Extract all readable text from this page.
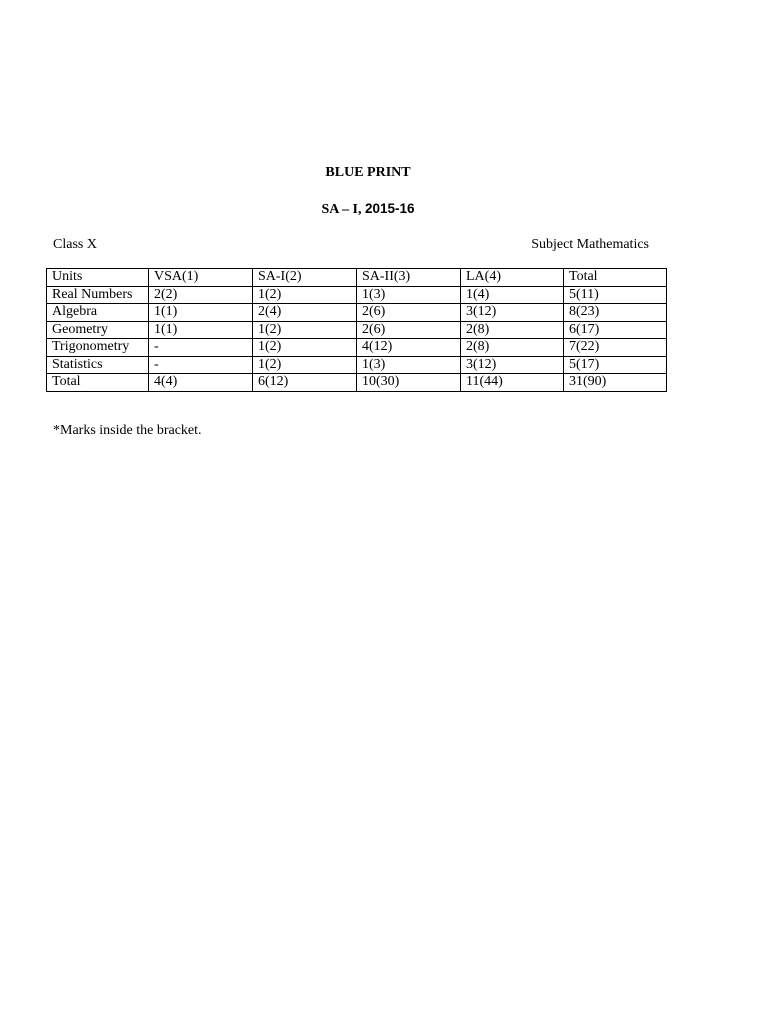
BLUE PRINT
SA – I, 2015-16
Class X	Subject Mathematics
Units	VSA(1)	SA-I(2)	SA-II(3)	LA(4)	Total
Real Numbers	2(2)	1(2)	1(3)	1(4)	5(11)
Algebra	1(1)	2(4)	2(6)	3(12)	8(23)
Geometry	1(1)	1(2)	2(6)	2(8)	6(17)
Trigonometry	-	1(2)	4(12)	2(8)	7(22)
Statistics	-	1(2)	1(3)	3(12)	5(17)
Total	4(4)	6(12)	10(30)	11(44)	31(90)
*Marks inside the bracket.
